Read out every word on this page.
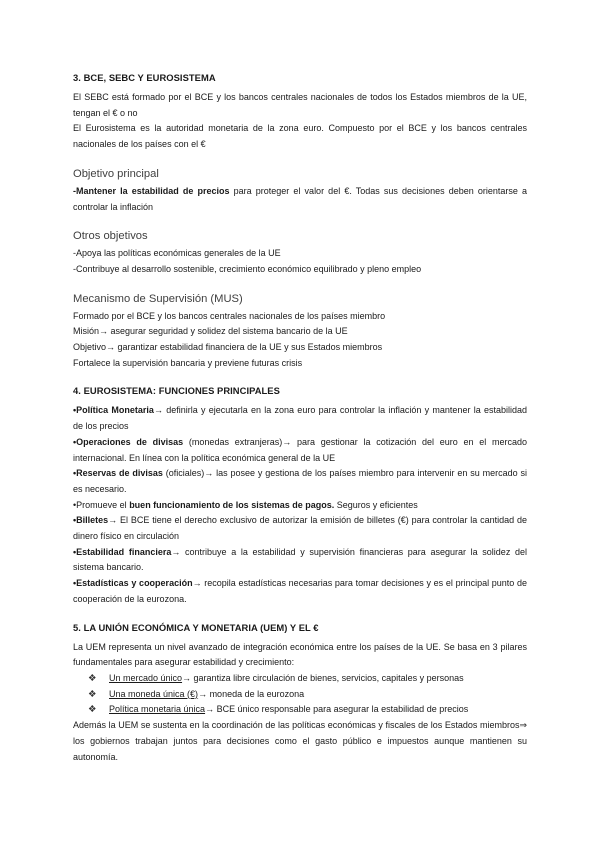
3. BCE, SEBC Y EUROSISTEMA

El SEBC está formado por el BCE y los bancos centrales nacionales de todos los Estados miembros de la UE, tengan el € o no

El Eurosistema es la autoridad monetaria de la zona euro. Compuesto por el BCE y los bancos centrales nacionales de los países con el €

Objetivo principal

-Mantener la estabilidad de precios para proteger el valor del €. Todas sus decisiones deben orientarse a controlar la inflación

Otros objetivos

-Apoya las políticas económicas generales de la UE

-Contribuye al desarrollo sostenible, crecimiento económico equilibrado y pleno empleo

Mecanismo de Supervisión (MUS)

Formado por el BCE y los bancos centrales nacionales de los países miembro

Misión→ asegurar seguridad y solidez del sistema bancario de la UE

Objetivo→ garantizar estabilidad financiera de la UE y sus Estados miembros

Fortalece la supervisión bancaria y previene futuras crisis

4. EUROSISTEMA: FUNCIONES PRINCIPALES

•Política Monetaria→ definirla y ejecutarla en la zona euro para controlar la inflación y mantener la estabilidad de los precios

•Operaciones de divisas (monedas extranjeras)→ para gestionar la cotización del euro en el mercado internacional. En línea con la política económica general de la UE

•Reservas de divisas (oficiales)→ las posee y gestiona de los países miembro para intervenir en su mercado si es necesario.

•Promueve el buen funcionamiento de los sistemas de pagos. Seguros y eficientes

•Billetes→ El BCE tiene el derecho exclusivo de autorizar la emisión de billetes (€) para controlar la cantidad de dinero físico en circulación

•Estabilidad financiera→ contribuye a la estabilidad y supervisión financieras para asegurar la solidez del sistema bancario.

•Estadísticas y cooperación→ recopila estadísticas necesarias para tomar decisiones y es el principal punto de cooperación de la eurozona.

5. LA UNIÓN ECONÓMICA Y MONETARIA (UEM) Y EL €

La UEM representa un nivel avanzado de integración económica entre los países de la UE. Se basa en 3 pilares fundamentales para asegurar estabilidad y crecimiento:

❖	Un mercado único→ garantiza libre circulación de bienes, servicios, capitales y personas
❖	Una moneda única (€)→ moneda de la eurozona
❖	Política monetaria única→ BCE único responsable para asegurar la estabilidad de precios

Además la UEM se sustenta en la coordinación de las políticas económicas y fiscales de los Estados miembros⇒ los gobiernos trabajan juntos para decisiones como el gasto público e impuestos aunque mantienen su autonomía.
